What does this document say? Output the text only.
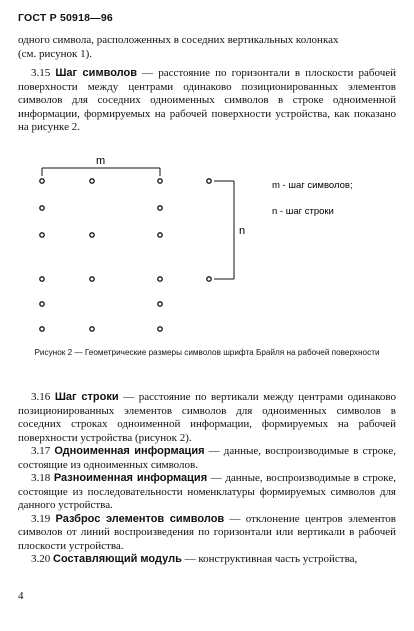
ГОСТ Р 50918—96

одного символа, расположенных в соседних вертикальных колонках

(см. рисунок 1).

3.15 Шаг символов — расстояние по горизонтали в плоскости рабочей поверхности между центрами одинаково позиционированных элементов символов для соседних одноименных символов в строке одноименной информации, формируемых на рабочей поверхности устройства, как показано на рисунке 2.

m
n
m - шаг символов;
n - шаг строки
Рисунок 2 — Геометрические размеры символов шрифта Брайля на рабочей поверхности

3.16 Шаг строки — расстояние по вертикали между центрами одинаково позиционированных элементов символов для одноименных символов в соседних строках одноименной информации, формируемых на рабочей поверхности устройства (рисунок 2).

3.17 Одноименная информация — данные, воспроизводимые в строке, состоящие из одноименных символов.

3.18 Разноименная информация — данные, воспроизводимые в строке, состоящие из последовательности номенклатуры формируемых символов для данного устройства.

3.19 Разброс элементов символов — отклонение центров элементов символов от линий воспроизведения по горизонтали или вертикали в рабочей плоскости устройства.

3.20 Составляющий модуль — конструктивная часть устройства,

4
